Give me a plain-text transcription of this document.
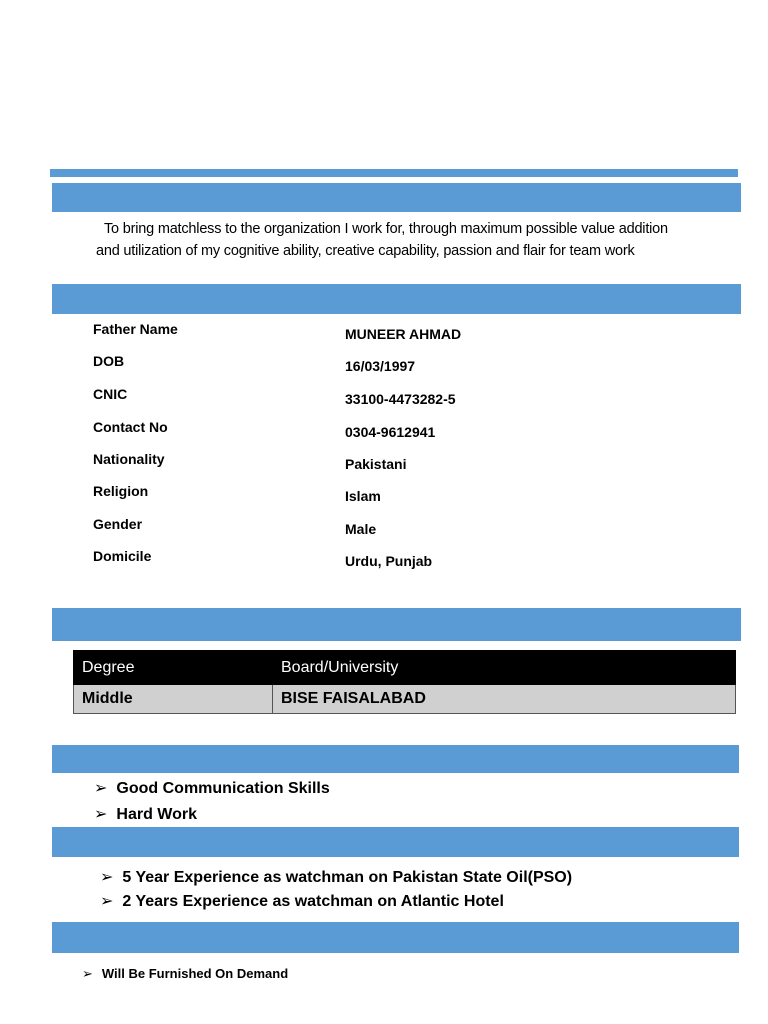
To bring matchless to the organization I work for, through maximum possible value addition
and utilization of my cognitive ability, creative capability, passion and flair for team work
Father Name	MUNEER AHMAD
DOB	16/03/1997
CNIC	33100-4473282-5
Contact No	0304-9612941
Nationality	Pakistani
Religion	Islam
Gender	Male
Domicile	Urdu, Punjab
Degree	Board/University
Middle	BISE FAISALABAD
➢ Good Communication Skills
➢ Hard Work
➢ 5 Year Experience as watchman on Pakistan State Oil(PSO)
➢ 2 Years Experience as watchman on Atlantic Hotel
➢ Will Be Furnished On Demand
